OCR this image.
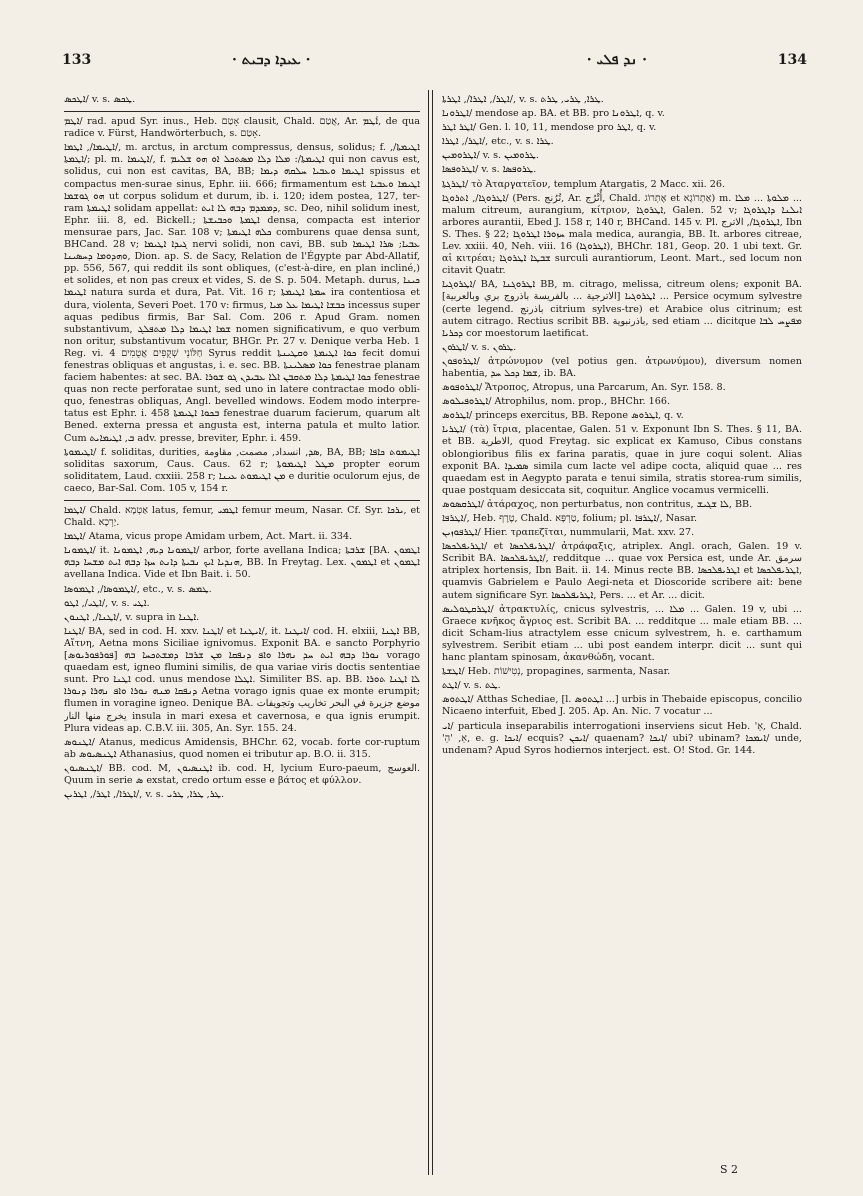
133	· ܥܝܕܐ ܕܒܝܬ ·	· ܢܕ ܦܠܝ ·	134

ܐܛܟܣ/ v. s. ܛܟܣ.

ܐܛܡ/ rad. apud Syr. inus., Heb. אָטַם clausit, Chald. אֲטַם, Ar. ܐܰܛܡ, de qua radice v. Fürst, Handwörterbuch, s. אָטַם.

ܐܛܝܡܐ/, ܐܛܡܐ/, m. arctus, in arctum compressus, densus, solidus; f. ܐܛܝܡܬܐ/, ܐܛܡܬܐ/; pl. m. ܐܛܝܡܐ/, f. ܐܛܝܡܬܐ/: ܡܠܐ ܕܠܐ ܡܣܬܟܠ ܐܘ ܗܘ ܫܠܝܡ qui non cavus est, solidus, cui non est cavitas, BA, BB; ܐܛܝܡܐ ܘܥܒܝܐ ܚܠܩܗ ܕܝܡܐ spissus et compactus men-surae sinus, Ephr. iii. 666; firmamentum est ܐܛܝܡܐ ܘܥܒܝܐ ܗܘ ܓܘܫܡܐ ut corpus solidum et durum, ib. i. 120; idem postea, 127, ter-ram ܐܛܝܡܬܐ solidam appellat: ܕܡܡܕܡ ܕܒܗ ܠܐ ܐܝܬ, sc. Deo, nihil solidum inest, Ephr. iii. 8, ed. Bickell.; ܐܛܡܬܐ ܘܟܒܝܫܬܐ densa, compacta est interior mensurae pars, Jac. Sar. 108 v; ܟܠܗ ܐܛܝܡܬܐ comburens quae densa sunt, BHCand. 28 v; ܓܝܕܐ ܐܛܝܡܐ nervi solidi, non cavi, BB. sub ܥܒܝܐ; ܣܪܐ ܐܛܝܡܐ ܘܗܕܘܡܐ ܕܚܣܝܢܐ, Dion. ap. S. de Sacy, Relation de l'Égypte par Abd-Allatif, pp. 556, 567, qui reddit ils sont obliques, (c'est-à-dire, en plan incliné,) et solides, et non pas creux et vides, S. de S. p. 504. Metaph. durus, ܟܝܢܐ ܐܛܝܡܐ natura surda et dura, Pat. Vit. 16 r; ܚܡܬܐ ܐܛܝܡܬܐ ira contentiosa et dura, violenta, Severi Poet. 170 v: firmus, ܟܒܫܐ ܐܛܝܡܐ ܥܠ ܡܝܐ incessus super aquas pedibus firmis, Bar Sal. Com. 206 r. Apud Gram. nomen substantivum, ܫܡܐ ܐܛܝܡܐ ܕܠܐ ܡܬܦܠܓ nomen significativum, e quo verbum non oritur, substantivum vocatur, BHGr. Pr. 27 v. Denique verba Heb. 1 Reg. vi. 4 חַלּוֹנֵי שְׁקֻפִים אֲטֻמִים Syrus reddit ܟܘܐ ܐܛܝܡܬܐ ܘܩܛܝܢܬܐ fecit domui fenestras obliquas et angustas, i. e. sec. BB. ܟܘܐ ܡܣܠܝܢܬܐ fenestrae planam faciem habentes: at sec. BA. ܟܘܐ ܐܛܝܡܬܐ ܕܠܐ ܡܬܩܒܢ ܐܠܐ ܥܒܝܕܢ ܓܘ ܫܘܪܐ fenestrae quas non recte perforatae sunt, sed uno in latere contractae modo obli-quo, fenestras obliquas, Angl. bevelled windows. Eodem modo interpre-tatus est Ephr. i. 458 ܒܟܘܐ ܐܛܝܡܬܐ fenestrae duarum facierum, quarum alt Bened. externa pressa et angusta est, interna patula et multo latior. Cum ܒ, ܐܛܝܡܐܝܬ adv. presse, breviter, Ephr. i. 459.

ܐܛܝܡܘܬܐ/ f. soliditas, durities, ܣܕ, انسداد, مصمت, مقاومة, BA, BB; ܐܛܝܡܘܬ ܟܐܦܐ soliditas saxorum, Caus. Caus. 62 r; ܡܛܠ ܐܛܝܡܘܬܐ propter eorum soliditatem, Laud. cxxiii. 258 r; ܡܢ ܐܛܝܡܘܬ ܥܝܢܐ e duritie oculorum ejus, de caeco, Bar-Sal. Com. 105 v, 154 r.

ܐܛܡܐ/ Chald. אַטְמָא latus, femur, ܐܛܡܝ femur meum, Nasar. Cf. Syr. ܝܪܟܐ, et Chald. יַרְכָא.

ܐܛܡܐ/ Atama, vicus prope Amidam urbem, Act. Mart. ii. 334.

ܐܛܡܘܢܐ/ it. ܐܛܡܘܢܐ ܕܝܗ, ܐܛܡܘܢܐ/ arbor, forte avellana Indica; ܫܪܒܬܐ [BA. ܐܛܡܘܢ ܗܢܕܝܐ ܐܝܟ ܢܒܝܬܐ ܕܐܢܬ ܚܙܐ ܕܒܗ ܐܝܬ ܡܫܚܐ ܕܒܗ, BB. In Freytag. Lex. ܐܛܡܘܢ et ܐܛܡܘܢ avellana Indica. Vide et Ibn Bait. i. 50.

ܐܛܡܘܣܐ/, ܐܛܡܘܣܐ/, etc., v. s. ܛܡܣ.

ܐܛܝ/, ܐܛܘ/, v. s. ܐܛܝ.

ܐܛܢܐ/, ܐܛܢܘܢ/, v. supra in ܐܛܢܐ.

ܐܛܢܐ/ BA, sed in cod. H. xxv. ܐܛܢܐ/ et ܐܝܛܢܐ/, it. ܐܝܛܢܐ/ cod. H. elxiii, ܐܛܢܐ BB, Aἴτνη, Aetna mons Siciliae ignivomus. Exponit BA. e sancto Porphyrio [ܦܘܪܦܘܪܝܘܣ] ܢܘܪܐ ܕܒܗ ܐܝܬ ܚܕ ܢܗܪܐ ܘܐܦ ܕܢܦܩܐ ܡܢ ܫܪܒܐ ܕܡܫܬܟܚܐ ܒܗ vorago quaedam est, igneo flumini similis, de qua variae viris doctis sententiae sunt. Pro ܐܛܢܐ cod. unus mendose ܐܛܠܐ. Similiter BS. ap. BB. ܠܐ ܐܛܢܐ ܬܘܪܐ ܕܢܦܩܐ ܡܢܗ ܢܘܪܐ ܘܐܦ ܢܗܪܐ ܕܢܘܪܐ Aetna vorago ignis quae ex monte erumpit; flumen in voragine igneo. Denique BA. موضع جزيرة في البحر تخاريب وتجويفات يخرج منها النار insula in mari exesa et cavernosa, e qua ignis erumpit. Plura videas ap. C.B.V. iii. 305, An. Syr. 155. 24.

ܐܛܢܘܣ/ Atanus, medicus Amidensis, BHChr. 62, vocab. forte cor-ruptum ab ܐܛܢܣܝܘܣ Athanasius, quod nomen ei tributur ap. B.O. ii. 315.

ܐܛܢܣܝܘܢ/ BB. cod. M, ܐܛܢܣܝܘܢ ib. cod. H, lycium Euro-paeum, العوسج. Quum in serie ܣ exstat, credo ortum esse e βάτος et φύλλον.

ܐܛܪܐ/, ܐܛܪ/, ܐܛܪܝܢ/, v. s. ܛܪ, ܛܪܐ, ܛܪܝ.

ܐܛܪ/, ܐܛܪܐ/, ܐܛܪܬܐ/, v. s. ܛܪܐ, ܛܪܝ, ܛܪܬ.

ܐܛܪܘܢܐ/ mendose ap. BA. et BB. pro ܐܛܪܘܢܐ, q. v.

ܐܛܪ ܐܛܪ/ Gen. l. 10, 11, mendose pro ܐܛܪ, q. v.

ܐܛܪ/, ܐܛܪܐ/, etc., v. s. ܛܪܐ.

ܐܛܪܘܡܝܢ/ v. s. ܛܪܘܡܝܢ.

ܐܛܪܘܦܣܐ/ v. s. ܛܪܘܦܣܐ.

ܐܛܪܓܬܐ/ τὸ Ἀταργατεῖον, templum Atargatis, 2 Macc. xii. 26.

ܐܛܪܘܓܐ/, ܐܬܪܘܓܐ/ (Pers. تُرُنج, Ar. أُتْرُج, Chald. אֶתְרוֹג et אַתְרוֹגָא) m. ܡܠܘܬܐ ... ܡܠܐ ... malum citreum, aurangium, κίτριον, ܐܛܪܘܓܐ, Galen. 52 v; ܐܝܠܢܐ ܕܐܛܪܘܓܐ arbores aurantii, Ebed J. 158 r, 140 r, BHCand. 145 v. Pl. ܐܛܪܘܓܐ/, الاترج, Ibn S. Thes. § 22; ܚܙܘܪܐ ܐܛܪܘܓܐ mala medica, aurangia, BB. It. arbores citreae, Lev. xxiii. 40, Neh. viii. 16 (ܐܛܪܘܓܐ), BHChr. 181, Geop. 20. 1 ubi text. Gr. αἱ κιτρέαι; ܫܒܛܐ ܐܛܪܘܓܐ surculi aurantiorum, Leont. Mart., sed locum non citavit Quatr.

ܐܛܪܘܓܝܐ/ BA, ܐܛܪܘܓܢܐ BB, m. citrago, melissa, citreum olens; exponit BA. ܐܛܪܘܓܝܐ [الاترجية ... بالفريسة باذروج بري وبالعربية] ... Persice ocymum sylvestre (certe legend. باذرنج citrium sylves-tre) et Arabice olus citrinum; est autem citrago. Rectius scribit BB. باذرنبوية, sed etiam ... dicitque ܡܦܨܚ ܠܒܐ ܕܟܪܝܐ cor moestorum laetificat.

ܐܛܪܘܢ/ v. s. ܛܪܘܢ.

ܐܛܪܘܦܘܢ/ ἀτρώνυμον (vel potius gen. ἀτρωνύμου), diversum nomen habentia, ܫܡܐ ܕܟܠ ܚܕ, ib. BA.

ܐܛܪܘܦܘܣ/ Ἄτροπος, Atropus, una Parcarum, An. Syr. 158. 8.

ܐܛܪܘܦܝܠܘܣ/ Atrophilus, nom. prop., BHChr. 166.

ܐܛܪܘܣ/ princeps exercitus, BB. Repone ܐܛܪܘܣ, q. v.

ܐܛܪܝܐ/ (τὰ) ἴτρια, placentae, Galen. 51 v. Exponunt Ibn S. Thes. § 11, BA. et BB. الاطرية, quod Freytag. sic explicat ex Kamuso, Cibus constans oblongioribus filis ex farina paratis, quae in jure coqui solent. Alias exponit BA. ܣܡܝܕܐ simila cum lacte vel adipe cocta, aliquid quae ... res quaedam est in Aegypto parata e tenui simila, stratis storea-rum similis, quae postquam desiccata sit, coquitur. Anglice vocamus vermicelli.

ܐܛܪܩܣܘܣ/ ἀτάραχος, non perturbatus, non contritus, ܠܐ ܫܓܝܫ, BB.

ܐܛܪܦܐ/, Heb. טֶרֶף, Chald. טַרְפָּא, folium; pl. ܐܛܪܦܐ/, Nasar.

ܐܛܪܦܘܙܝܢ/ Hier. τραπεζῖται, nummularii, Mat. xxv. 27.

ܐܛܪܝܦܠܟܣܐ/ et ܐܛܪܝܦܠܟܣܐ/ ἀτράφαξις, atriplex. Angl. orach, Galen. 19 v. Scribit BA. ܐܛܪܝܦܠܟܣܐ/, redditque ... quae vox Persica est, unde Ar. سرمق atriplex hortensis, Ibn Bait. ii. 14. Minus recte BB. ܐܛܪܝܦܠܟܣܐ et ܐܛܪܝܦܠܟܣܐ, quamvis Gabrielem e Paulo Aegi-neta et Dioscoride scribere ait: bene autem significare Syr. ܐܛܪܝܦܠܟܣܐ, Pers. ... et Ar. ... dicit.

ܐܛܪܩܛܘܠܝܣ/ ἀτρακτυλίς, cnicus sylvestris, ... ܡܠܐ ... Galen. 19 v, ubi ... Graece κνῆκος ἄγριος est. Scribit BA. ... redditque ... male etiam BB. ... dicit Scham-lius atractylem esse cnicum sylvestrem, h. e. carthamum sylvestrem. Seribit etiam ... ubi post eandem interpr. dicit ... sunt qui hanc plantam spinosam, ἀκανθώδη, vocant.

ܐܛܫܬܐ/ Heb. נְטִישׁוֹת, propagines, sarmenta, Nasar.

ܐܛܬ/ v. s. ܛܬ.

ܐܛܬܘܣ/ Atthas Schediae, [l. ܐܛܬܘܣ ...] urbis in Thebaide episcopus, concilio Nicaeno interfuit, Ebed J. 205. Ap. An. Nic. 7 vocatur ...

ܐܝ/ particula inseparabilis interrogationi inserviens sicut Heb. 'אֵ, Chald. 'אֵ, 'הֵ, e. g. ܐܝܟܐ/ ecquis? ܐܝܟܢ/ quaenam? ܐܝܟܐ/ ubi? ubinam? ܐܝܡܟܐ/ unde, undenam? Apud Syros hodiernos interject. est. O! Stod. Gr. 144.

S 2
